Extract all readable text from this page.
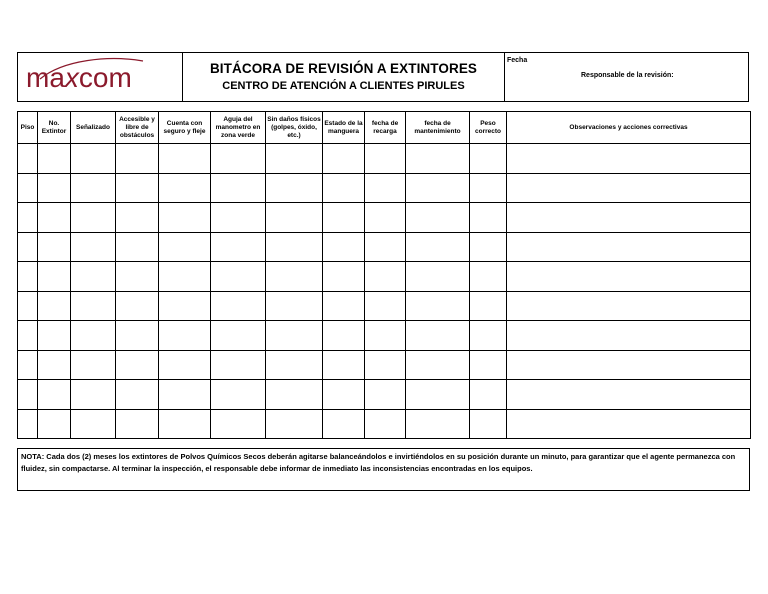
maxcom	BITÁCORA DE REVISIÓN A EXTINTORES
CENTRO DE ATENCIÓN A CLIENTES PIRULES
Fecha
Responsable de la revisión:
Piso	No. Extintor	Señalizado	Accesible y libre de obstáculos	Cuenta con seguro y fleje	Aguja del manometro en zona verde	Sin daños físicos (golpes, óxido, etc.)	Estado de la manguera	fecha de recarga	fecha de mantenimiento	Peso correcto	Observaciones y acciones correctivas

NOTA: Cada dos (2) meses los extintores de Polvos Químicos Secos deberán agitarse balanceándolos e invirtiéndolos en su posición durante un minuto, para garantizar que el agente permanezca con fluidez, sin compactarse. Al terminar la inspección, el responsable debe informar de inmediato las inconsistencias encontradas en los equipos.
